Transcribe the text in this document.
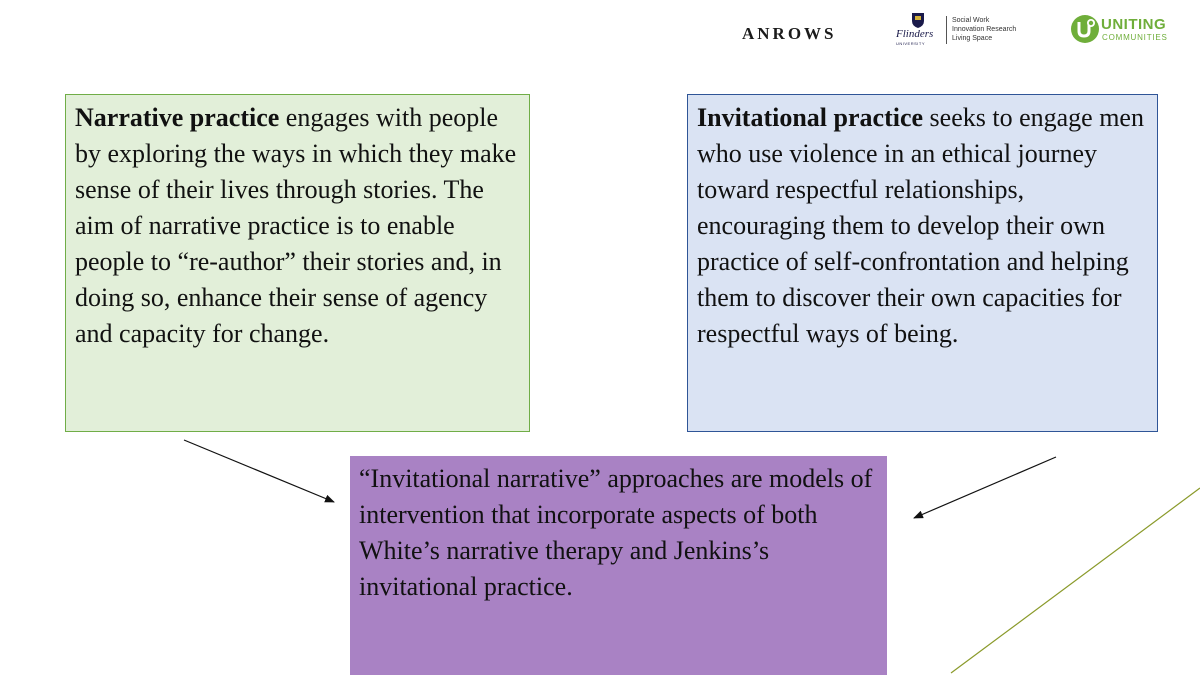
ANROWS	Flinders
UNIVERSITY
Social Work
Innovation Research
Living Space
UNITING
COMMUNITIES
Narrative practice engages with people by exploring the ways in which they make sense of their lives through stories. The aim of narrative practice is to enable people to “re-author” their stories and, in doing so, enhance their sense of agency and capacity for change.
Invitational practice seeks to engage men who use violence in an ethical journey toward respectful relationships, encouraging them to develop their own practice of self-confrontation and helping them to discover their own capacities for respectful ways of being.
“Invitational narrative” approaches are models of intervention that incorporate aspects of both White’s narrative therapy and Jenkins’s invitational practice.
